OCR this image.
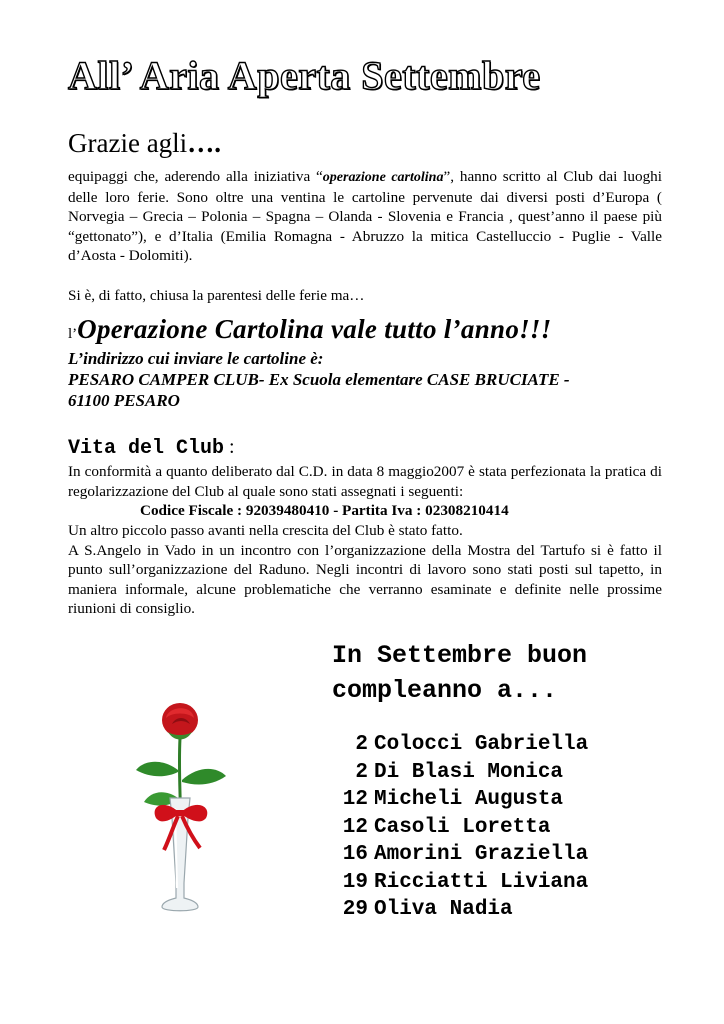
All’ Aria Aperta Settembre
Grazie agli….
equipaggi che, aderendo alla iniziativa “operazione cartolina”, hanno scritto al Club dai luoghi delle loro ferie. Sono oltre una ventina le cartoline pervenute dai diversi posti d’Europa ( Norvegia – Grecia – Polonia – Spagna – Olanda - Slovenia e Francia , quest’anno il paese più “gettonato”), e d’Italia (Emilia Romagna - Abruzzo la mitica Castelluccio - Puglie - Valle d’Aosta - Dolomiti).
Si è, di fatto, chiusa la parentesi delle ferie ma…
l’Operazione Cartolina vale tutto l’anno!!!
L’indirizzo cui inviare le cartoline è:
PESARO CAMPER CLUB- Ex Scuola elementare CASE BRUCIATE -
61100 PESARO
Vita del Club :
In conformità a quanto deliberato dal C.D. in data 8 maggio2007 è stata perfezionata la pratica di regolarizzazione del Club al quale sono stati assegnati i seguenti:
Codice Fiscale : 92039480410 - Partita Iva : 02308210414
Un altro piccolo passo avanti nella crescita del Club è stato fatto.
A S.Angelo in Vado in un incontro con l’organizzazione della Mostra del Tartufo si è fatto il punto sull’organizzazione del Raduno. Negli incontri di lavoro sono stati posti sul tapetto, in maniera informale, alcune problematiche che verranno esaminate e definite nelle prossime riunioni di consiglio.
In Settembre buon
compleanno a...
2 Colocci Gabriella
2 Di Blasi Monica
12 Micheli Augusta
12 Casoli Loretta
16 Amorini Graziella
19 Ricciatti Liviana
29 Oliva Nadia
